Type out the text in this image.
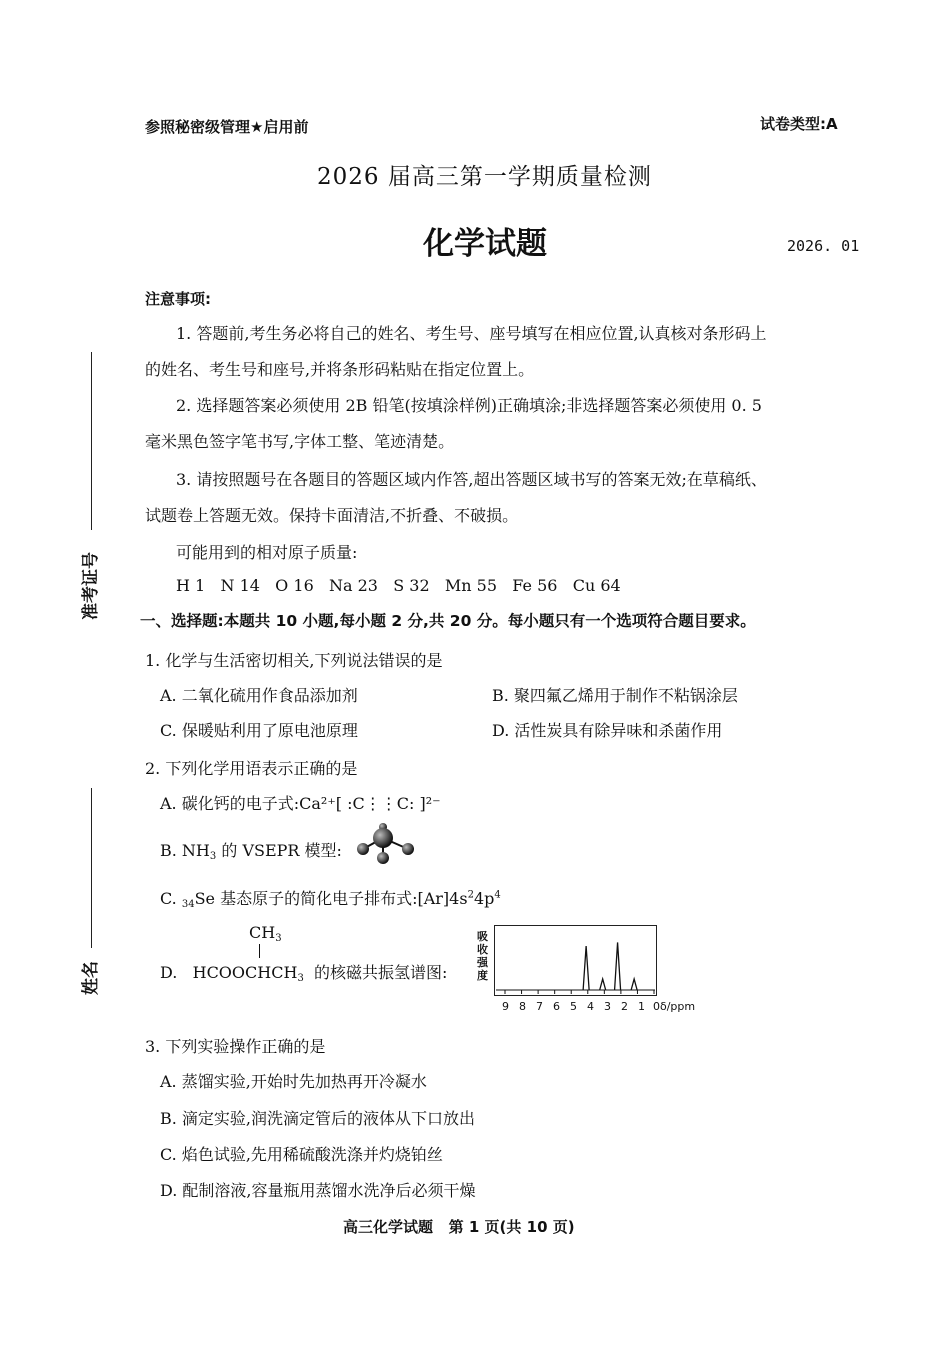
参照秘密级管理★启用前	试卷类型:A
2026 届高三第一学期质量检测
化学试题	2026. 01
准考证号
姓名
注意事项:
1. 答题前,考生务必将自己的姓名、考生号、座号填写在相应位置,认真核对条形码上
的姓名、考生号和座号,并将条形码粘贴在指定位置上。
2. 选择题答案必须使用 2B 铅笔(按填涂样例)正确填涂;非选择题答案必须使用 0. 5
毫米黑色签字笔书写,字体工整、笔迹清楚。
3. 请按照题号在各题目的答题区域内作答,超出答题区域书写的答案无效;在草稿纸、
试题卷上答题无效。保持卡面清洁,不折叠、不破损。
可能用到的相对原子质量:
H 1   N 14   O 16   Na 23   S 32   Mn 55   Fe 56   Cu 64
一、选择题:本题共 10 小题,每小题 2 分,共 20 分。每小题只有一个选项符合题目要求。
1. 化学与生活密切相关,下列说法错误的是
A. 二氧化硫用作食品添加剂	B. 聚四氟乙烯用于制作不粘锅涂层
C. 保暖贴利用了原电池原理	D. 活性炭具有除异味和杀菌作用
2. 下列化学用语表示正确的是
A. 碳化钙的电子式:Ca²⁺[ :C⋮⋮C: ]²⁻
B. NH3 的 VSEPR 模型:
C. 34Se 基态原子的简化电子排布式$:[Ar]4s^24p^4$
CH3
D. HCOOCHCH3 的核磁共振氢谱图:
吸
收
强
度
9 8 7 6 5 4 3 2 1 0 δ/ppm
3. 下列实验操作正确的是
A. 蒸馏实验,开始时先加热再开冷凝水
B. 滴定实验,润洗滴定管后的液体从下口放出
C. 焰色试验,先用稀硫酸洗涤并灼烧铂丝
D. 配制溶液,容量瓶用蒸馏水洗净后必须干燥
高三化学试题   第 1 页(共 10 页)
